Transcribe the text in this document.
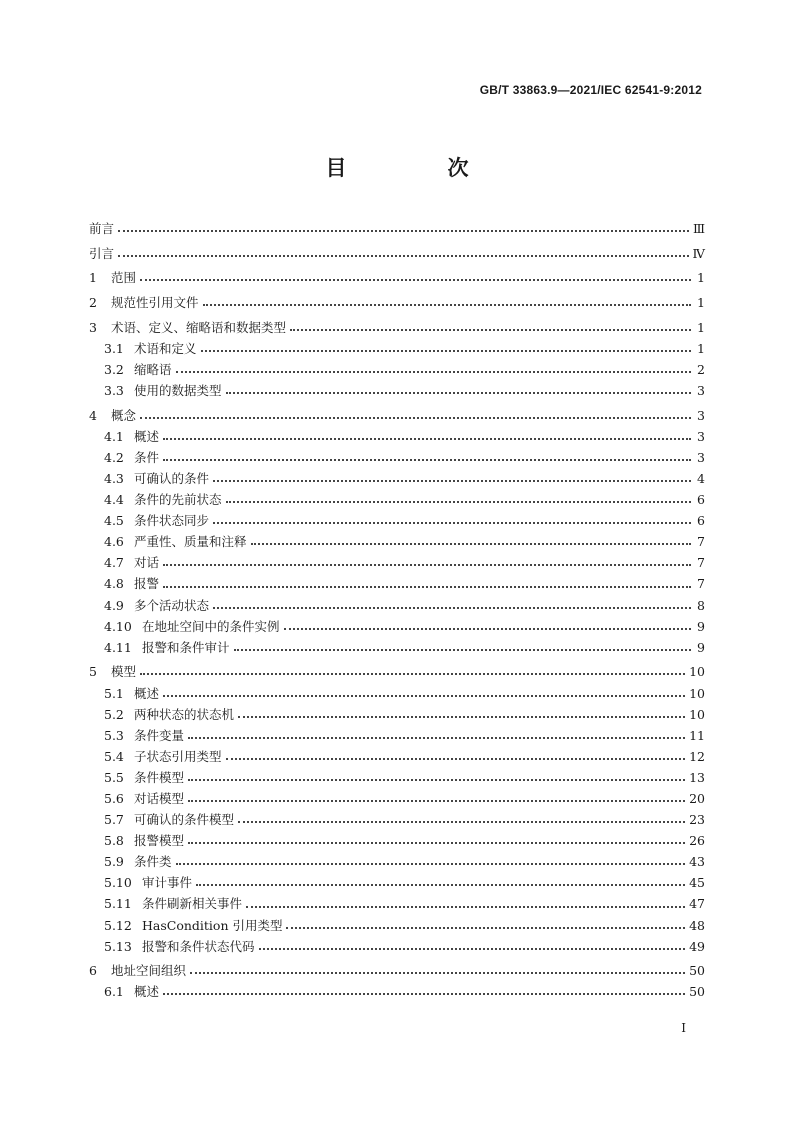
GB/T 33863.9—2021/IEC 62541-9:2012
目　次
前言	Ⅲ
引言	Ⅳ
1	范围	1
2	规范性引用文件	1
3	术语、定义、缩略语和数据类型	1
3.1 术语和定义	1
3.2 缩略语	2
3.3 使用的数据类型	3
4	概念	3
4.1 概述	3
4.2 条件	3
4.3 可确认的条件	4
4.4 条件的先前状态	6
4.5 条件状态同步	6
4.6 严重性、质量和注释	7
4.7 对话	7
4.8 报警	7
4.9 多个活动状态	8
4.10 在地址空间中的条件实例	9
4.11 报警和条件审计	9
5	模型	10
5.1 概述	10
5.2 两种状态的状态机	10
5.3 条件变量	11
5.4 子状态引用类型	12
5.5 条件模型	13
5.6 对话模型	20
5.7 可确认的条件模型	23
5.8 报警模型	26
5.9 条件类	43
5.10 审计事件	45
5.11 条件刷新相关事件	47
5.12 HasCondition 引用类型	48
5.13 报警和条件状态代码	49
6	地址空间组织	50
6.1 概述	50
I
